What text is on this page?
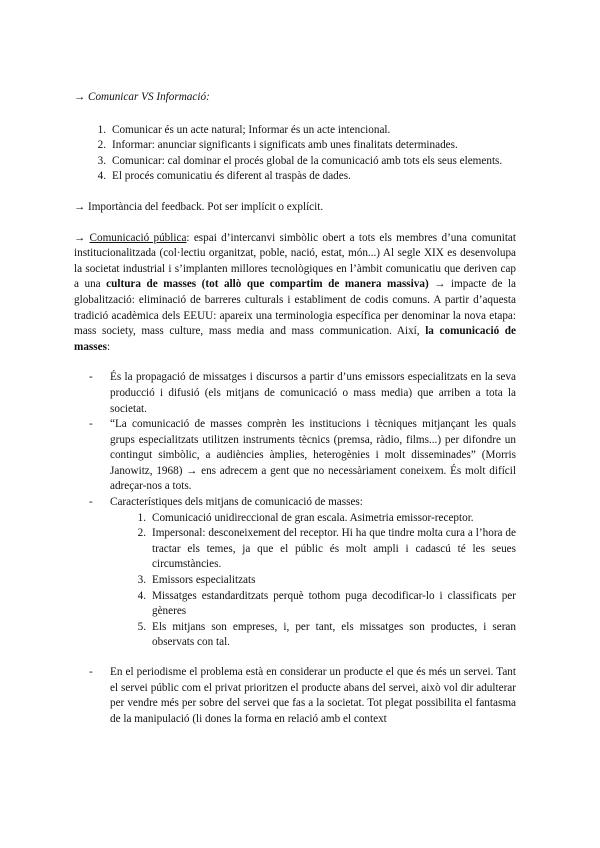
→ Comunicar VS Informació:

1. Comunicar és un acte natural; Informar és un acte intencional.
2. Informar: anunciar significants i significats amb unes finalitats determinades.
3. Comunicar: cal dominar el procés global de la comunicació amb tots els seus elements.
4. El procés comunicatiu és diferent al traspàs de dades.

→ Importància del feedback. Pot ser implícit o explícit.

→ Comunicació pública: espai d’intercanvi simbòlic obert a tots els membres d’una comunitat institucionalitzada (col·lectiu organitzat, poble, nació, estat, món...) Al segle XIX es desenvolupa la societat industrial i s’implanten millores tecnològiques en l’àmbit comunicatiu que deriven cap a una cultura de masses (tot allò que compartim de manera massiva) → impacte de la globalització: eliminació de barreres culturals i establiment de codis comuns. A partir d’aquesta tradició acadèmica dels EEUU: apareix una terminologia específica per denominar la nova etapa: mass society, mass culture, mass media and mass communication. Així, la comunicació de masses:

- És la propagació de missatges i discursos a partir d’uns emissors especialitzats en la seva producció i difusió (els mitjans de comunicació o mass media) que arriben a tota la societat.
- “La comunicació de masses comprèn les institucions i tècniques mitjançant les quals grups especialitzats utilitzen instruments tècnics (premsa, ràdio, films...) per difondre un contingut simbòlic, a audiències àmplies, heterogènies i molt disseminades” (Morris Janowitz, 1968) → ens adrecem a gent que no necessàriament coneixem. És molt difícil adreçar-nos a tots.
- Característiques dels mitjans de comunicació de masses:
1. Comunicació unidireccional de gran escala. Asimetria emissor-receptor.
2. Impersonal: desconeixement del receptor. Hi ha que tindre molta cura a l’hora de tractar els temes, ja que el públic és molt ampli i cadascú té les seues circumstàncies.
3. Emissors especialitzats
4. Missatges estandarditzats perquè tothom puga decodificar-lo i classificats per gèneres
5. Els mitjans son empreses, i, per tant, els missatges son productes, i seran observats con tal.
- En el periodisme el problema està en considerar un producte el que és més un servei. Tant el servei públic com el privat prioritzen el producte abans del servei, això vol dir adulterar per vendre més per sobre del servei que fas a la societat. Tot plegat possibilita el fantasma de la manipulació (li dones la forma en relació amb el context
